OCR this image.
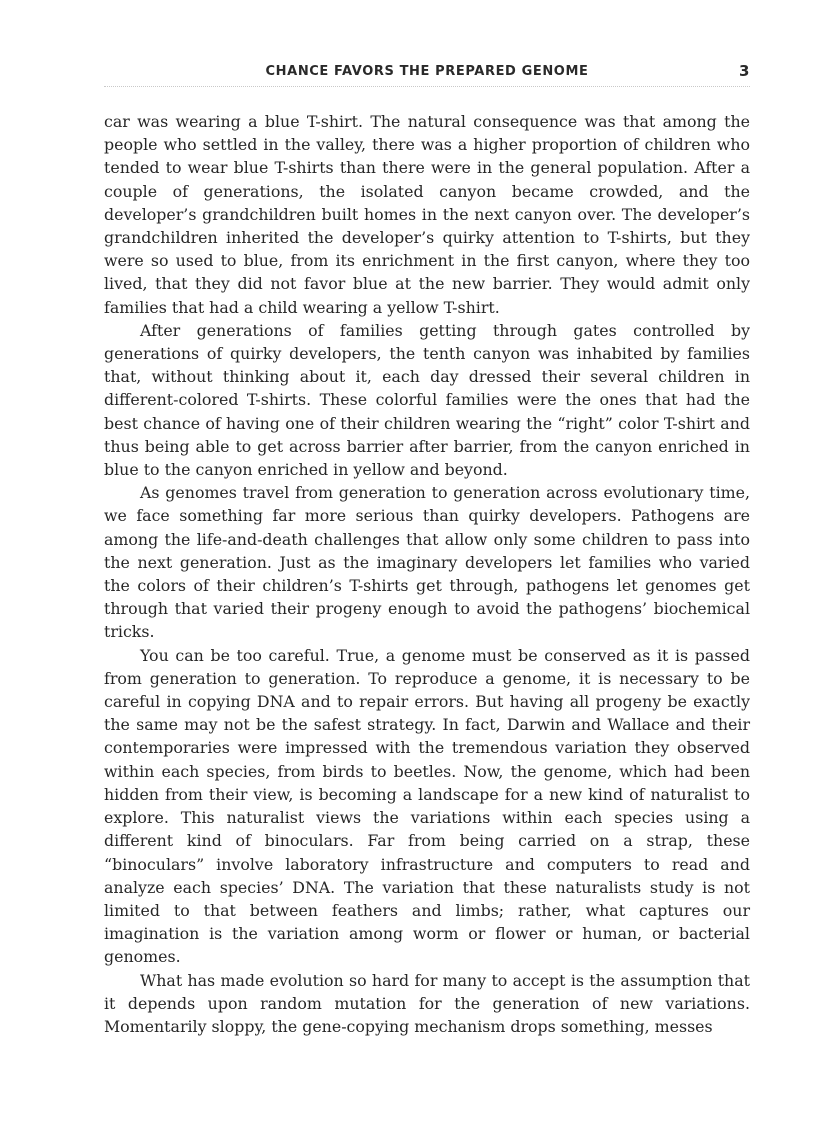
CHANCE FAVORS THE PREPARED GENOME	3

car was wearing a blue T-shirt. The natural consequence was that among the people who settled in the valley, there was a higher proportion of children who tended to wear blue T-shirts than there were in the general population. After a couple of generations, the isolated canyon became crowded, and the developer’s grandchildren built homes in the next canyon over. The developer’s grandchildren inherited the developer’s quirky attention to T-shirts, but they were so used to blue, from its enrichment in the first canyon, where they too lived, that they did not favor blue at the new barrier. They would admit only families that had a child wearing a yellow T-shirt.

After generations of families getting through gates controlled by generations of quirky developers, the tenth canyon was inhabited by families that, without thinking about it, each day dressed their several children in different-colored T-shirts. These colorful families were the ones that had the best chance of having one of their children wearing the “right” color T-shirt and thus being able to get across barrier after barrier, from the canyon enriched in blue to the canyon enriched in yellow and beyond.

As genomes travel from generation to generation across evolutionary time, we face something far more serious than quirky developers. Pathogens are among the life-and-death challenges that allow only some children to pass into the next generation. Just as the imaginary developers let families who varied the colors of their children’s T-shirts get through, pathogens let genomes get through that varied their progeny enough to avoid the pathogens’ biochemical tricks.

You can be too careful. True, a genome must be conserved as it is passed from generation to generation. To reproduce a genome, it is necessary to be careful in copying DNA and to repair errors. But having all progeny be exactly the same may not be the safest strategy. In fact, Darwin and Wallace and their contemporaries were impressed with the tremendous variation they observed within each species, from birds to beetles. Now, the genome, which had been hidden from their view, is becoming a landscape for a new kind of naturalist to explore. This naturalist views the variations within each species using a different kind of binoculars. Far from being carried on a strap, these “binoculars” involve laboratory infrastructure and computers to read and analyze each species’ DNA. The variation that these naturalists study is not limited to that between feathers and limbs; rather, what captures our imagination is the variation among worm or flower or human, or bacterial genomes.

What has made evolution so hard for many to accept is the assumption that it depends upon random mutation for the generation of new variations. Momentarily sloppy, the gene-copying mechanism drops something, messes
